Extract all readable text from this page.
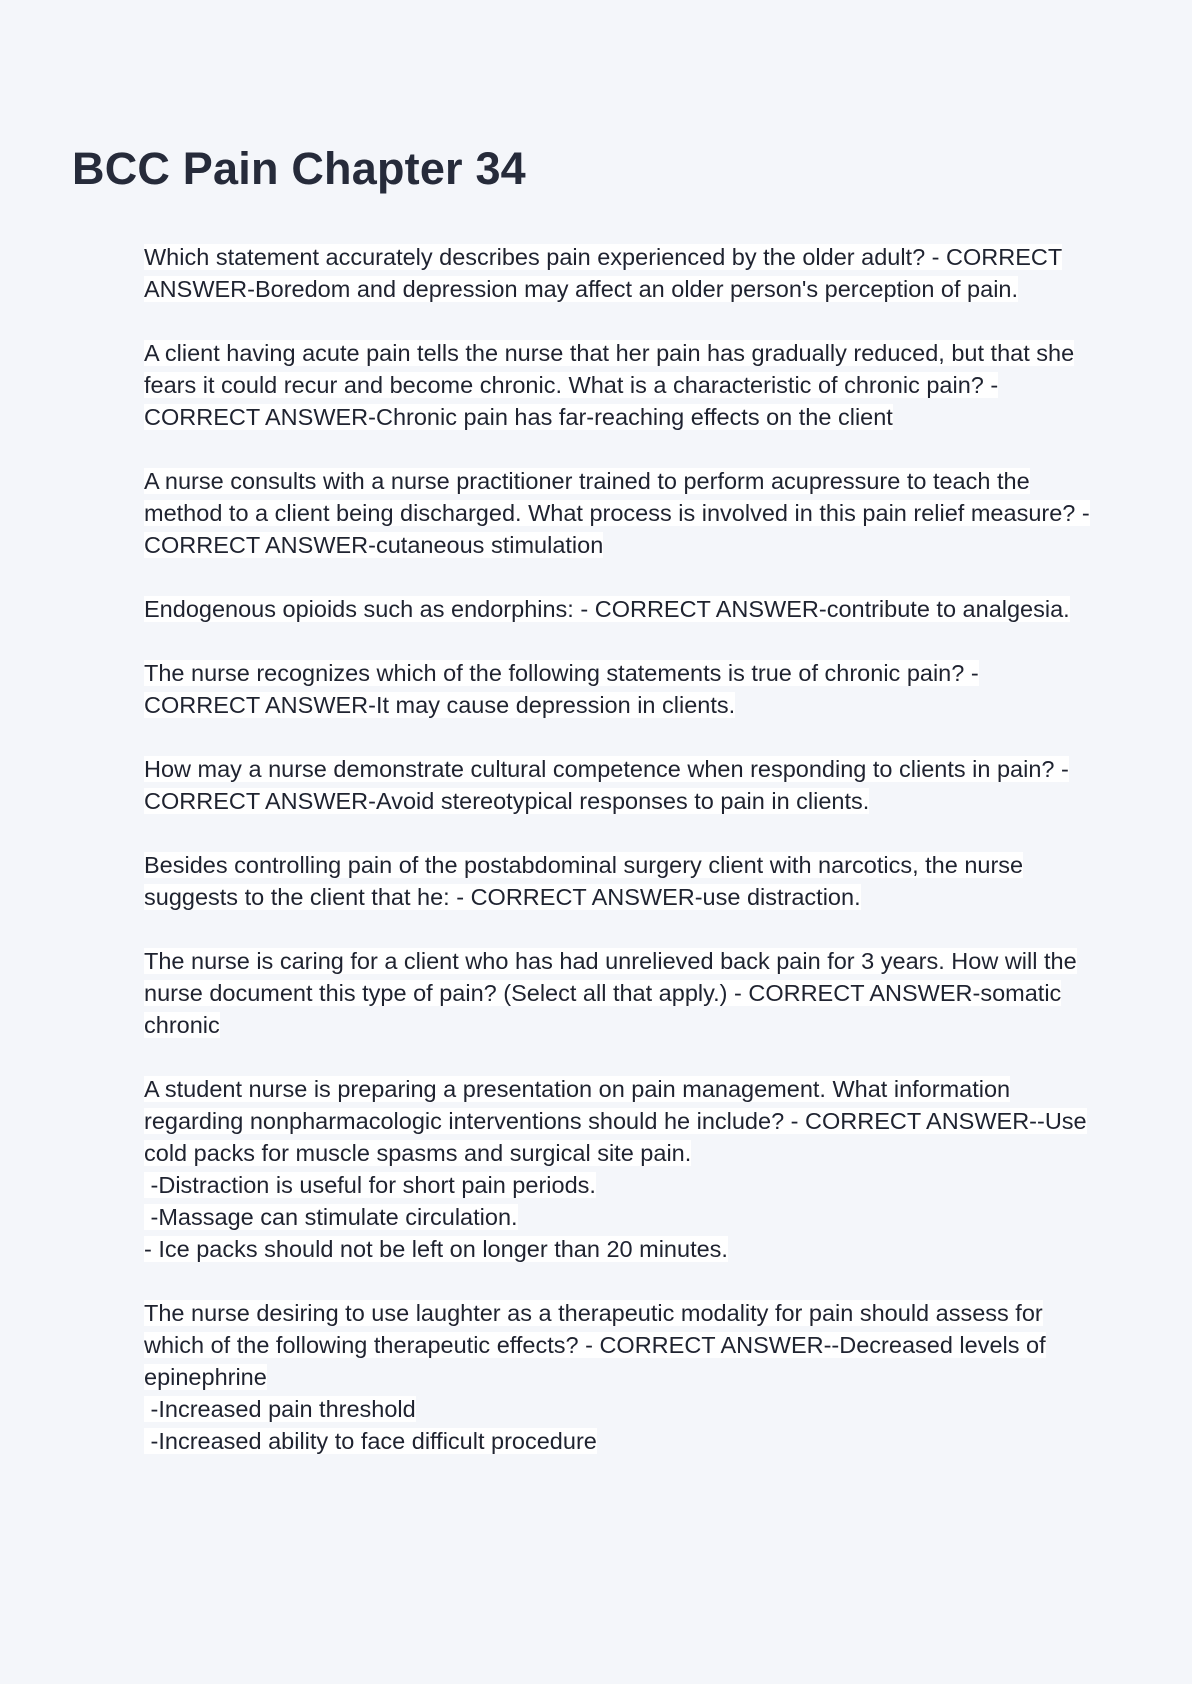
BCC Pain Chapter 34
Which statement accurately describes pain experienced by the older adult? - CORRECT
ANSWER-Boredom and depression may affect an older person's perception of pain.
A client having acute pain tells the nurse that her pain has gradually reduced, but that she
fears it could recur and become chronic. What is a characteristic of chronic pain? -
CORRECT ANSWER-Chronic pain has far-reaching effects on the client
A nurse consults with a nurse practitioner trained to perform acupressure to teach the
method to a client being discharged. What process is involved in this pain relief measure? -
CORRECT ANSWER-cutaneous stimulation
Endogenous opioids such as endorphins: - CORRECT ANSWER-contribute to analgesia.
The nurse recognizes which of the following statements is true of chronic pain? -
CORRECT ANSWER-It may cause depression in clients.
How may a nurse demonstrate cultural competence when responding to clients in pain? -
CORRECT ANSWER-Avoid stereotypical responses to pain in clients.
Besides controlling pain of the postabdominal surgery client with narcotics, the nurse
suggests to the client that he: - CORRECT ANSWER-use distraction.
The nurse is caring for a client who has had unrelieved back pain for 3 years. How will the
nurse document this type of pain? (Select all that apply.) - CORRECT ANSWER-somatic
chronic
A student nurse is preparing a presentation on pain management. What information
regarding nonpharmacologic interventions should he include? - CORRECT ANSWER--Use
cold packs for muscle spasms and surgical site pain.
-Distraction is useful for short pain periods.
-Massage can stimulate circulation.
- Ice packs should not be left on longer than 20 minutes.
The nurse desiring to use laughter as a therapeutic modality for pain should assess for
which of the following therapeutic effects? - CORRECT ANSWER--Decreased levels of
epinephrine
-Increased pain threshold
-Increased ability to face difficult procedure
